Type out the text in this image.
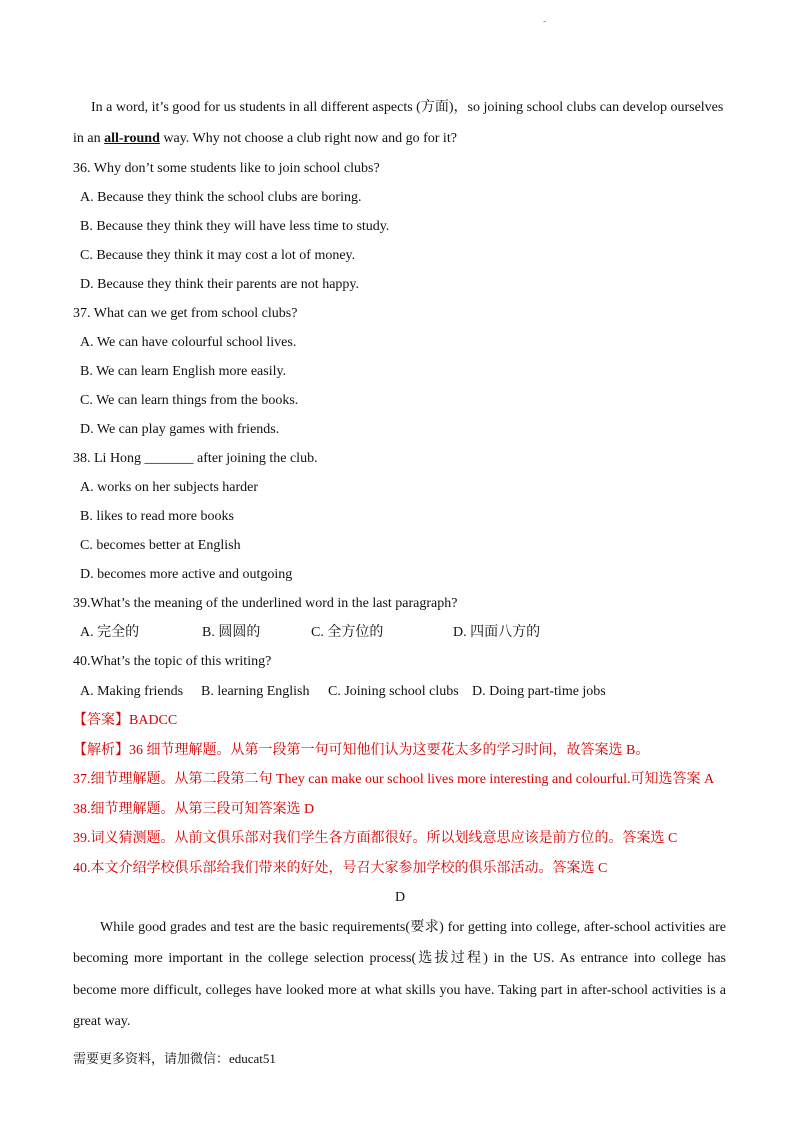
-
In a word, it’s good for us students in all different aspects (方面)，so joining school clubs can develop ourselves
in an all-round way. Why not choose a club right now and go for it?
36. Why don’t some students like to join school clubs?
A. Because they think the school clubs are boring.
B. Because they think they will have less time to study.
C. Because they think it may cost a lot of money.
D. Because they think their parents are not happy.
37. What can we get from school clubs?
A. We can have colourful school lives.
B. We can learn English more easily.
C. We can learn things from the books.
D. We can play games with friends.
38. Li Hong _______ after joining the club.
A. works on her subjects harder
B. likes to read more books
C. becomes better at English
D. becomes more active and outgoing
39.What’s the meaning of the underlined word in the last paragraph?
A. 完全的	B. 圆圆的	C. 全方位的	D. 四面八方的
40.What’s the topic of this writing?
A. Making friends B. learning English C. Joining school clubs D. Doing part-time jobs
【答案】BADCC
【解析】36 细节理解题。从第一段第一句可知他们认为这要花太多的学习时间，故答案选 B。
37.细节理解题。从第二段第二句 They can make our school lives more interesting and colourful.可知选答案 A
38.细节理解题。从第三段可知答案选 D
39.词义猜测题。从前文俱乐部对我们学生各方面都很好。所以划线意思应该是前方位的。答案选 C
40.本文介绍学校俱乐部给我们带来的好处，号召大家参加学校的俱乐部活动。答案选 C
D
While good grades and test are the basic requirements(要求) for getting into college, after-school activities are
becoming more important in the college selection process(选拔过程) in the US. As entrance into college has
become more difficult, colleges have looked more at what skills you have. Taking part in after-school activities is a
great way.
需要更多资料，请加微信：educat51
